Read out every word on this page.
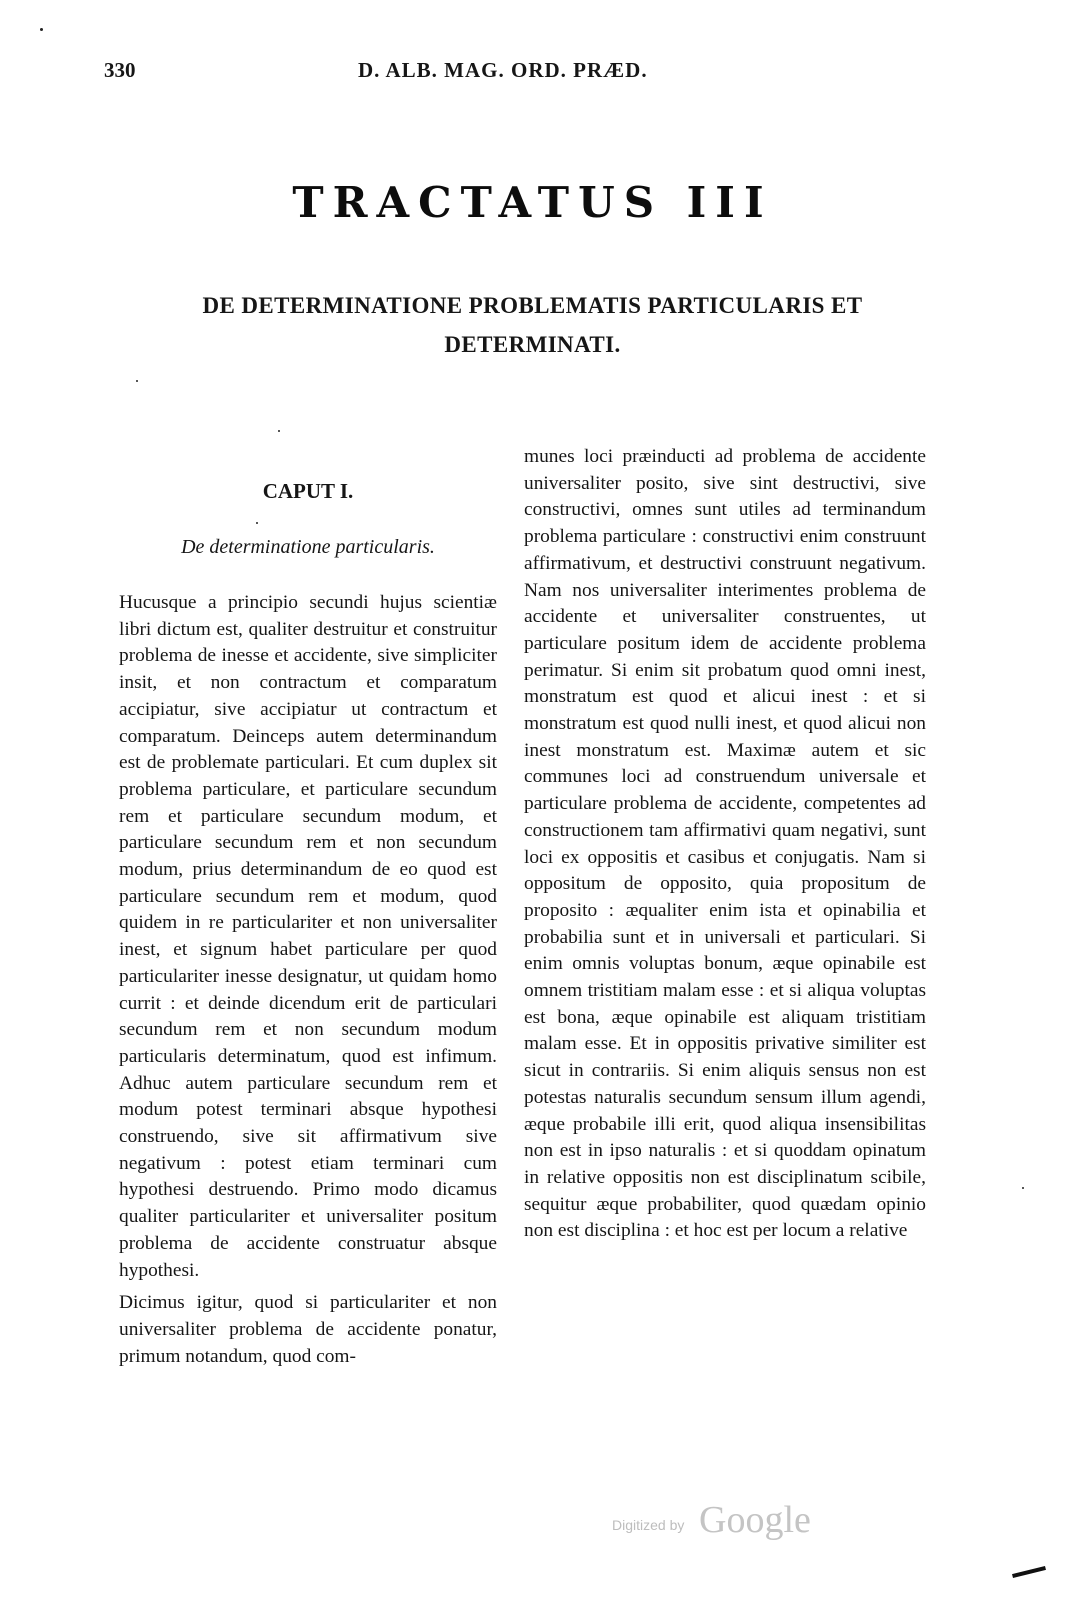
330	D. ALB. MAG. ORD. PRÆD.
TRACTATUS III
DE DETERMINATIONE PROBLEMATIS PARTICULARIS ET
DETERMINATI.
CAPUT I.
De determinatione particularis.

Hucusque a principio secundi hujus scientiæ libri dictum est, qualiter destruitur et construitur problema de inesse et accidente, sive simpliciter insit, et non contractum et comparatum accipiatur, sive accipiatur ut contractum et comparatum. Deinceps autem determinandum est de problemate particulari. Et cum duplex sit problema particulare, et particulare secundum rem et particulare secundum modum, et particulare secundum rem et non secundum modum, prius determinandum de eo quod est particulare secundum rem et modum, quod quidem in re particulariter et non universaliter inest, et signum habet particulare per quod particulariter inesse designatur, ut quidam homo currit : et deinde dicendum erit de particulari secundum rem et non secundum modum particularis determinatum, quod est infimum. Adhuc autem particulare secundum rem et modum potest terminari absque hypothesi construendo, sive sit affirmativum sive negativum : potest etiam terminari cum hypothesi destruendo. Primo modo dicamus qualiter particulariter et universaliter positum problema de accidente construatur absque hypothesi.

Dicimus igitur, quod si particulariter et non universaliter problema de accidente ponatur, primum notandum, quod com-

munes loci præinducti ad problema de accidente universaliter posito, sive sint destructivi, sive constructivi, omnes sunt utiles ad terminandum problema particulare : constructivi enim construunt affirmativum, et destructivi construunt negativum. Nam nos universaliter interimentes problema de accidente et universaliter construentes, ut particulare positum idem de accidente problema perimatur. Si enim sit probatum quod omni inest, monstratum est quod et alicui inest : et si monstratum est quod nulli inest, et quod alicui non inest monstratum est. Maximæ autem et sic communes loci ad construendum universale et particulare problema de accidente, competentes ad constructionem tam affirmativi quam negativi, sunt loci ex oppositis et casibus et conjugatis. Nam si oppositum de opposito, quia propositum de proposito : æqualiter enim ista et opinabilia et probabilia sunt et in universali et particulari. Si enim omnis voluptas bonum, æque opinabile est omnem tristitiam malam esse : et si aliqua voluptas est bona, æque opinabile est aliquam tristitiam malam esse. Et in oppositis privative similiter est sicut in contrariis. Si enim aliquis sensus non est potestas naturalis secundum sensum illum agendi, æque probabile illi erit, quod aliqua insensibilitas non est in ipso naturalis : et si quoddam opinatum in relative oppositis non est disciplinatum scibile, sequitur æque probabiliter, quod quædam opinio non est disciplina : et hoc est per locum a relative

Digitized by Google
